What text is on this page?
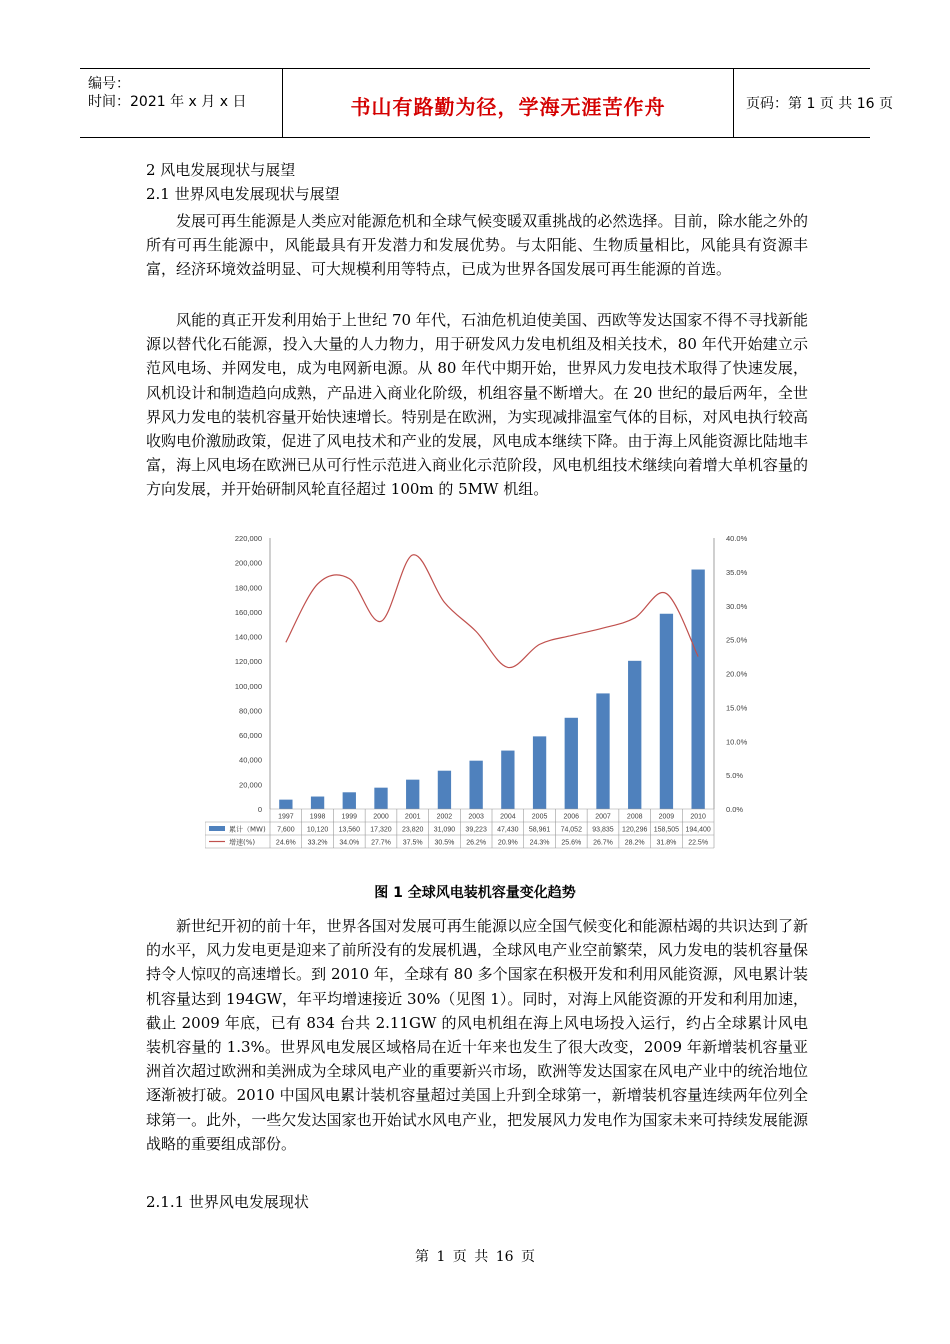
编号：
时间：2021 年 x 月 x 日	书山有路勤为径，学海无涯苦作舟	页码：第 1 页 共 16 页
2 风电发展现状与展望
2.1 世界风电发展现状与展望

发展可再生能源是人类应对能源危机和全球气候变暖双重挑战的必然选择。目前，除水能之外的所有可再生能源中，风能最具有开发潜力和发展优势。与太阳能、生物质量相比，风能具有资源丰富，经济环境效益明显、可大规模利用等特点，已成为世界各国发展可再生能源的首选。

风能的真正开发利用始于上世纪 70 年代，石油危机迫使美国、西欧等发达国家不得不寻找新能源以替代化石能源，投入大量的人力物力，用于研发风力发电机组及相关技术，80 年代开始建立示范风电场、并网发电，成为电网新电源。从 80 年代中期开始，世界风力发电技术取得了快速发展，风机设计和制造趋向成熟，产品进入商业化阶级，机组容量不断增大。在 20 世纪的最后两年，全世界风力发电的装机容量开始快速增长。特别是在欧洲，为实现减排温室气体的目标，对风电执行较高收购电价激励政策，促进了风电技术和产业的发展，风电成本继续下降。由于海上风能资源比陆地丰富，海上风电场在欧洲已从可行性示范进入商业化示范阶段，风电机组技术继续向着增大单机容量的方向发展，并开始研制风轮直径超过 100m 的 5MW 机组。

0
20,000
40,000
60,000
80,000
100,000
120,000
140,000
160,000
180,000
200,000
220,000
0.0%
5.0%
10.0%
15.0%
20.0%
25.0%
30.0%
35.0%
40.0%
1997 1998 1999 2000 2001 2002 2003 2004 2005 2006 2007 2008 2009 2010
累计（MW)
增速(%)
7,600 10,120 13,560 17,320 23,820 31,090 39,223 47,430 58,961 74,052 93,835 120,296 158,505 194,400
24.6% 33.2% 34.0% 27.7% 37.5% 30.5% 26.2% 20.9% 24.3% 25.6% 26.7% 28.2% 31.8% 22.5%
图 1 全球风电装机容量变化趋势

新世纪开初的前十年，世界各国对发展可再生能源以应全国气候变化和能源枯竭的共识达到了新的水平，风力发电更是迎来了前所没有的发展机遇，全球风电产业空前繁荣，风力发电的装机容量保持令人惊叹的高速增长。到 2010 年，全球有 80 多个国家在积极开发和利用风能资源，风电累计装机容量达到 194GW，年平均增速接近 30%（见图 1）。同时，对海上风能资源的开发和利用加速，截止 2009 年底，已有 834 台共 2.11GW 的风电机组在海上风电场投入运行，约占全球累计风电装机容量的 1.3%。世界风电发展区域格局在近十年来也发生了很大改变，2009 年新增装机容量亚洲首次超过欧洲和美洲成为全球风电产业的重要新兴市场，欧洲等发达国家在风电产业中的统治地位逐渐被打破。2010 中国风电累计装机容量超过美国上升到全球第一，新增装机容量连续两年位列全球第一。此外，一些欠发达国家也开始试水风电产业，把发展风力发电作为国家未来可持续发展能源战略的重要组成部份。

2.1.1 世界风电发展现状
第 1 页 共 16 页
